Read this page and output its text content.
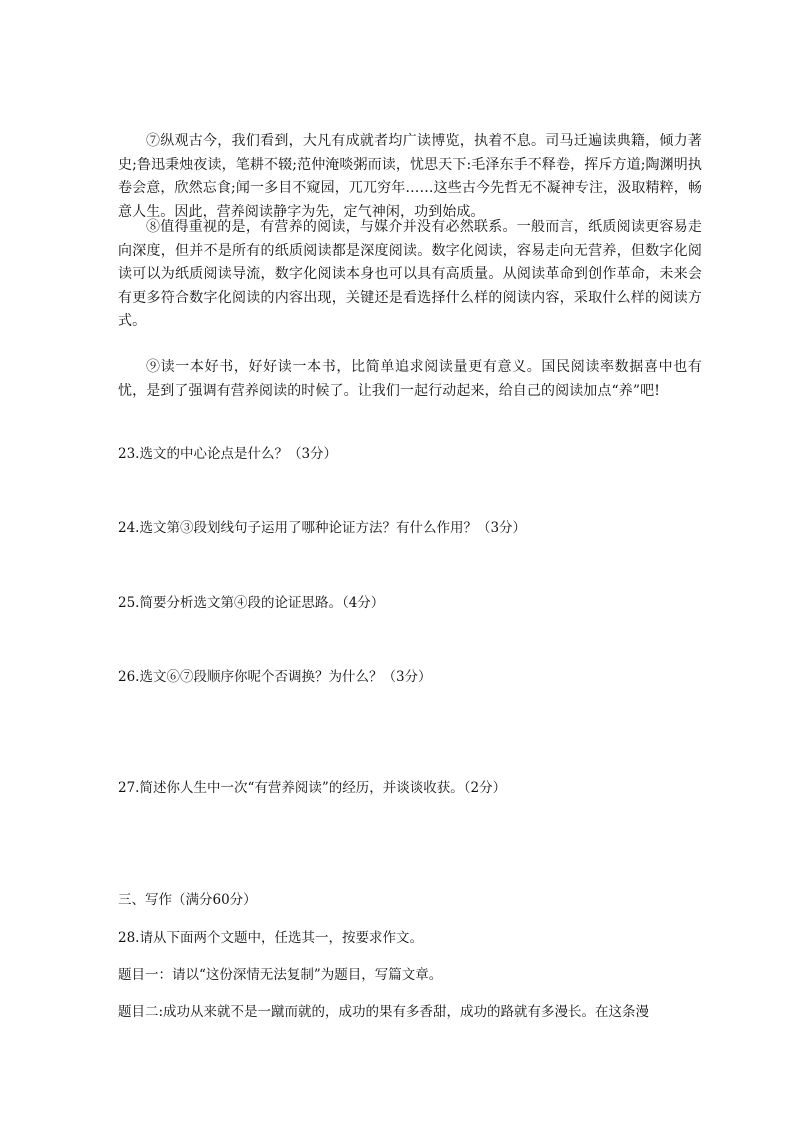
⑦纵观古今，我们看到，大凡有成就者均广读博览，执着不息。司马迁遍读典籍，倾力著史;鲁迅秉烛夜读，笔耕不辍;范仲淹啖粥而读，忧思天下:毛泽东手不释卷，挥斥方道;陶渊明执卷会意，欣然忘食;闻一多目不窥园，兀兀穷年……这些古今先哲无不凝神专注，汲取精粹，畅意人生。因此，营养阅读静字为先，定气神闲，功到始成。

⑧值得重视的是，有营养的阅读，与媒介并没有必然联系。一般而言，纸质阅读更容易走向深度，但并不是所有的纸质阅读都是深度阅读。数字化阅读，容易走向无营养，但数字化阅读可以为纸质阅读导流，数字化阅读本身也可以具有高质量。从阅读革命到创作革命，未来会有更多符合数字化阅读的内容出现，关键还是看选择什么样的阅读内容，采取什么样的阅读方式。

⑨读一本好书，好好读一本书，比简单追求阅读量更有意义。国民阅读率数据喜中也有忧，是到了强调有营养阅读的时候了。让我们一起行动起来，给自己的阅读加点“养”吧!

23.选文的中心论点是什么？（3分）

24.选文第③段划线句子运用了哪种论证方法？有什么作用？（3分）

25.简要分析选文第④段的论证思路。（4分）

26.选文⑥⑦段顺序你呢个否调换？为什么？（3分）

27.简述你人生中一次“有营养阅读”的经历，并谈谈收获。（2分）

三、写作（满分60分）

28.请从下面两个文题中，任选其一，按要求作文。

题目一：请以“这份深情无法复制”为题目，写篇文章。

题目二:成功从来就不是一蹴而就的，成功的果有多香甜，成功的路就有多漫长。在这条漫
